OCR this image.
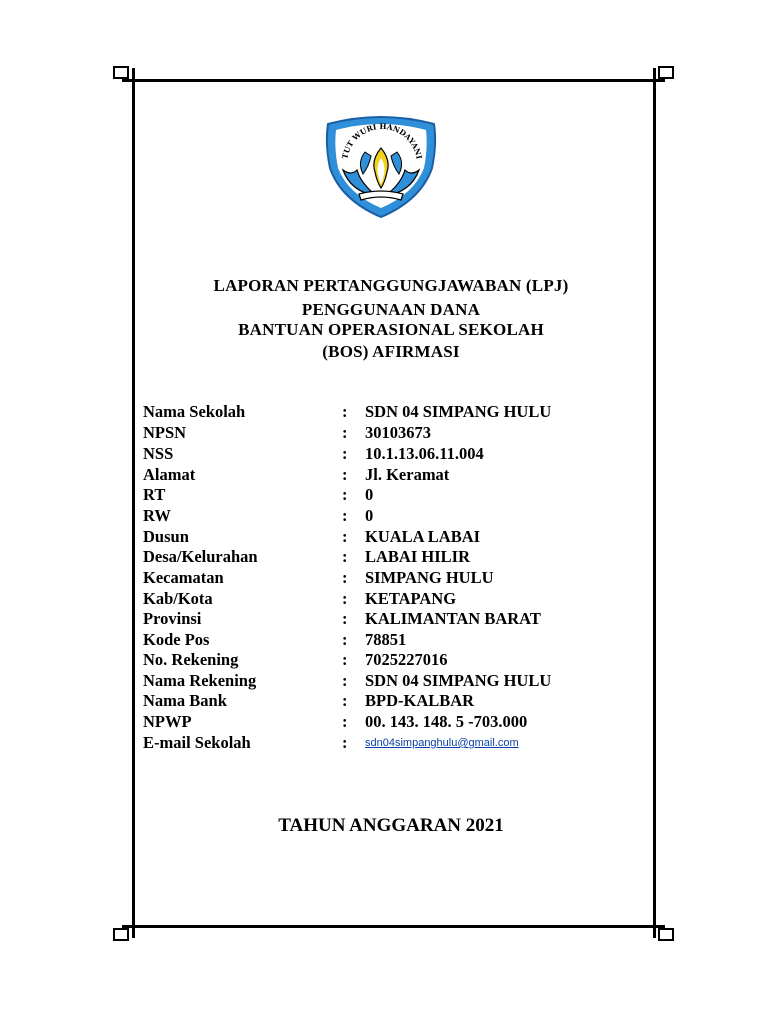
TUT WURI HANDAYANI
LAPORAN PERTANGGUNGJAWABAN (LPJ)
PENGGUNAAN DANA
BANTUAN OPERASIONAL SEKOLAH
(BOS) AFIRMASI
Nama Sekolah	: SDN 04 SIMPANG HULU
NPSN	: 30103673
NSS	: 10.1.13.06.11.004
Alamat	: Jl. Keramat
RT	: 0
RW	: 0
Dusun	: KUALA LABAI
Desa/Kelurahan	: LABAI HILIR
Kecamatan	: SIMPANG HULU
Kab/Kota	: KETAPANG
Provinsi	: KALIMANTAN BARAT
Kode Pos	: 78851
No. Rekening	: 7025227016
Nama Rekening	: SDN 04 SIMPANG HULU
Nama Bank	: BPD-KALBAR
NPWP	: 00. 143. 148. 5 -703.000
E-mail Sekolah	: sdn04simpanghulu@gmail.com
TAHUN ANGGARAN 2021
